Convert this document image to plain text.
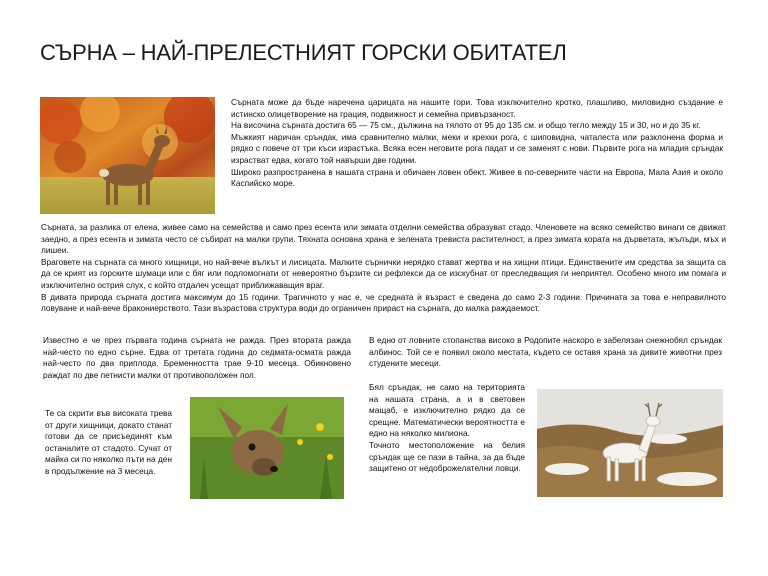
СЪРНА – НАЙ-ПРЕЛЕСТНИЯТ ГОРСКИ ОБИТАТЕЛ

Сърната може да бъде наречена царицата на нашите гори. Това изключително кротко, плашливо, миловидно създание е истинско олицетворение на грация, подвижност и семейна привързаност.

На височина сърната достига 65 — 75 см., дължина на тялото от 95 до 135 см. и общо тегло между 15 и 30, но и до 35 кг.

Мъжкият наричан сръндак, има сравнително малки, меки и крехки рога, с шиповидна, чаталеста или разклонена форма и рядко с повече от три къси израстъка. Всяка есен неговите рога падат и се заменят с нови. Първите рога на младия сръндак израстват едва, когато той навърши две години.

Широко разпространена в нашата страна и обичаен ловен обект. Живее в по-северните части на Европа, Мала Азия и около Каспийско море.

Сърната, за разлика от елена, живее само на семейства и само през есента или зимата отделни семейства образуват стадо. Членовете на всяко семейство винаги се движат заедно, а през есента и зимата често се събират на малки групи. Тяхната основна храна е зелената тревиста растителност, а през зимата кората на дърветата, жълъди, мъх и лишеи.

Враговете на сърната са много хищници, но най-вече вълкът и лисицата. Малките сърнички нерядко стават жертва и на хищни птици. Единствените им средства за защита са да се крият из горските шумаци или с бяг или подломогнати от невероятно бързите си рефлекси да се изскубнат от преследващия ги неприятел. Особено много им помага и изключително острия слух, с който отдалеч усещат приближаващия враг.

В дивата природа сърната достига максимум до 15 години. Трагичното у нас е, че средната ѝ възраст е сведена до само 2-3 години. Причината за това е неправилното ловуване и най-вече бракониерството. Тази възрастова структура води до ограничен прираст на сърната, до малка раждаемост.

Известно е че през първата година сърната не ражда. През втората ражда най-често по едно сърне. Едва от третата година до седмата-осмата ражда най-често по два приплода. Бременността трае 9-10 месеца. Обикновено раждат по две петнисти малки от противоположен пол.

Те са скрити във високата трева от други хищници, докато станат готови да се присъединят към останалите от стадото. Сучат от майка си по няколко пъти на ден в продължение на 3 месеца.

В едно от ловните стопанства високо в Родопите наскоро е забелязан снежнобял сръндак албинос. Той се е появил около местата, където се оставя храна за дивите животни през студените месеци.

Бял сръндак, не само на територията на нашата страна, а и в световен мащаб, е изключително рядко да се срещне. Математически вероятността е едно на няколко милиона.

Точното местоположение на белия сръндак ще се пази в тайна, за да бъде защитено от недоброжелателни ловци.
